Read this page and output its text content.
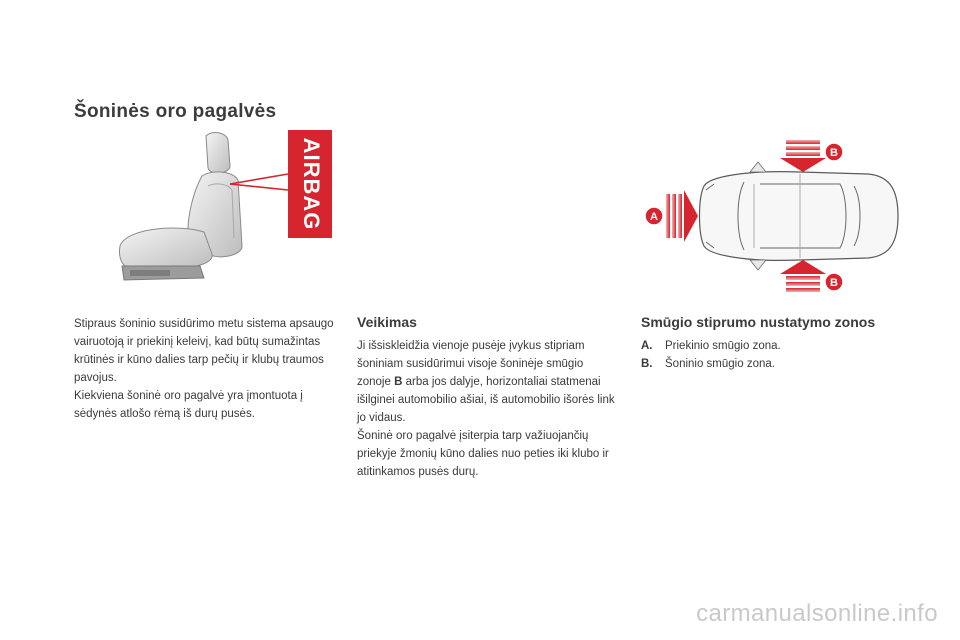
Šoninės oro pagalvės
AIRBAG	B
B
A

Stipraus šoninio susidūrimo metu sistema apsaugo vairuotoją ir priekinį keleivį, kad būtų sumažintas krūtinės ir kūno dalies tarp pečių ir klubų traumos pavojus.

Kiekviena šoninė oro pagalvė yra įmontuota į sėdynės atlošo rėmą iš durų pusės.

Veikimas

Ji išsiskleidžia vienoje pusėje įvykus stipriam šoniniam susidūrimui visoje šoninėje smūgio zonoje B arba jos dalyje, horizontaliai statmenai išilginei automobilio ašiai, iš automobilio išorės link jo vidaus.

Šoninė oro pagalvė įsiterpia tarp važiuojančių priekyje žmonių kūno dalies nuo peties iki klubo ir atitinkamos pusės durų.

Smūgio stiprumo nustatymo zonos

A.	Priekinio smūgio zona.

B.	Šoninio smūgio zona.

carmanualsonline.info
